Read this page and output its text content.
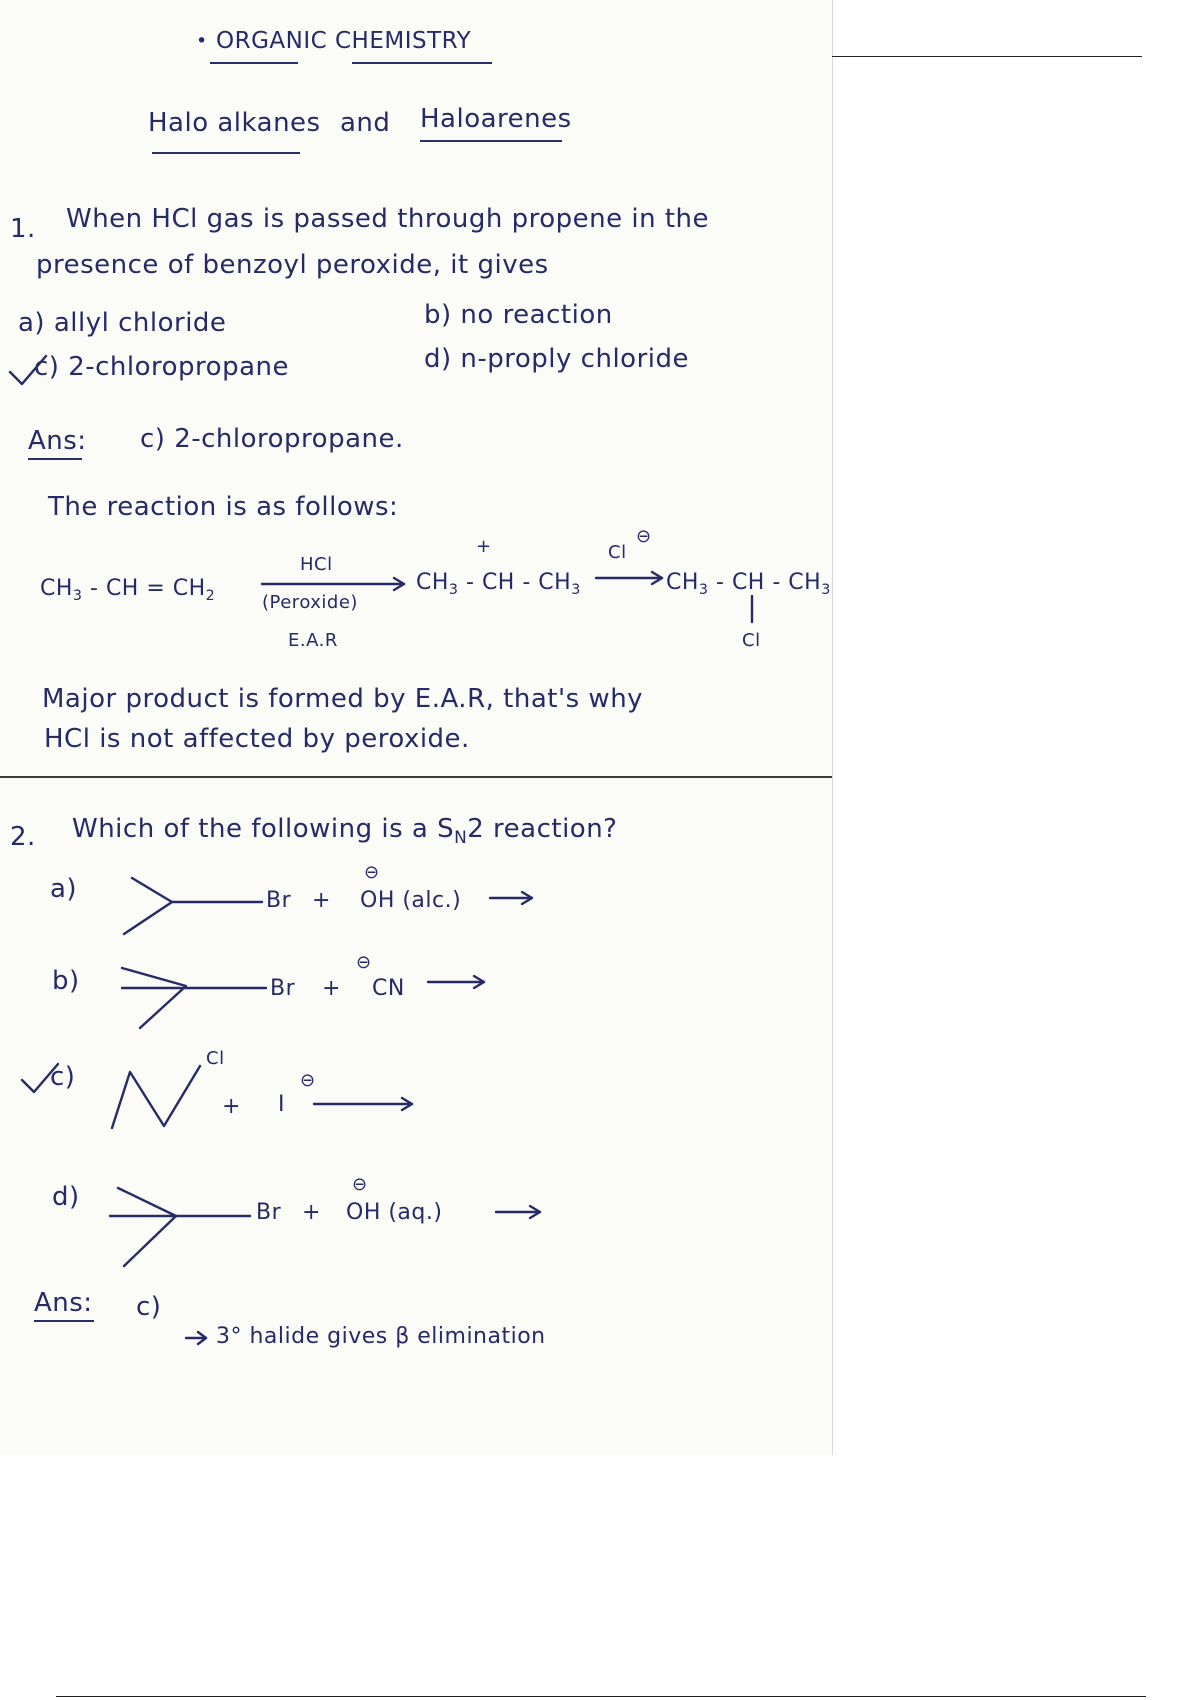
• ORGANIC CHEMISTRY
Halo alkanes and Haloarenes
1. When HCl gas is passed through propene in the
presence of benzoyl peroxide, it gives
a) allyl chloride	b) no reaction
c) 2-chloropropane	d) n-proply chloride
Ans: c) 2-chloropropane.
The reaction is as follows:
$CH_3$ - CH = $CH_2$
HCl
(Peroxide)
E.A.R
+
$CH_3$ - CH - $CH_3$
Cl
⊖
$CH_3$ - CH - $CH_3$
Cl
Major product is formed by E.A.R, that's why
HCl is not affected by peroxide.
2. Which of the following is a $S_N2$ reaction?
a)	Br +
⊖
OH (alc.)
b)	Br +
⊖
CN
c)
Cl
+ I
⊖
d)
Br +
⊖
OH (aq.)
Ans: c)
3° halide gives β elimination
